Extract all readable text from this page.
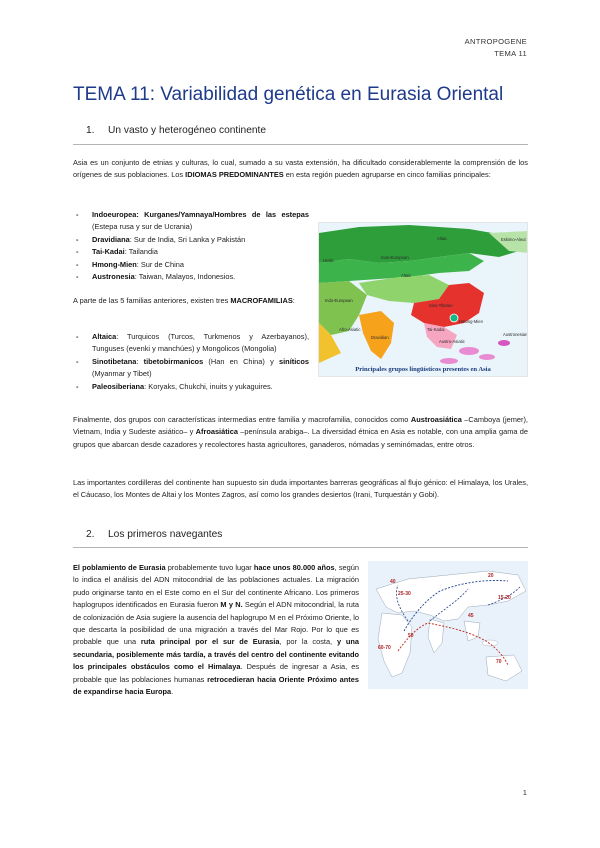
ANTROPOGENE
TEMA 11
TEMA 11: Variabilidad genética en Eurasia Oriental
1. Un vasto y heterogéneo continente

Asia es un conjunto de etnias y culturas, lo cual, sumado a su vasta extensión, ha dificultado considerablemente la comprensión de los orígenes de sus poblaciones. Los IDIOMAS PREDOMINANTES en esta región pueden agruparse en cinco familias principales:

- Indoeuropea: Kurganes/Yamnaya/Hombres de las estepas (Estepa rusa y sur de Ucrania)
- Dravidiana: Sur de India, Sri Lanka y Pakistán
- Tai-Kadai: Tailandia
- Hmong-Mien: Sur de China
- Austronesia: Taiwan, Malayos, Indonesios.

A parte de las 5 familias anteriores, existen tres MACROFAMILIAS:

- Altaica: Turquicos (Turcos, Turkmenos y Azerbayanos), Tunguses (evenki y manchúes) y Mongolicos (Mongolia)
- Sinotibetana: tibetobirmanicos (Han en China) y siníticos (Myanmar y Tibet)
- Paleosiberiana: Koryaks, Chukchi, inuits y yukaguires.
Altaic	Eskimo-Aleut
Uralic
Indo-European
Altaic
Indo-European
Sino-Tibetan
Afro-Asiatic
Dravidian
Hmong-Mien
Tai-Kadai
Austro-Asiatic
Austronesian
Principales grupos lingüísticos presentes en Asia

Finalmente, dos grupos con características intermedias entre familia y macrofamilia, conocidos como Austroasiática –Camboya (jemer), Vietnam, India y Sudeste asiático– y Afroasiática –península arabiga–. La diversidad étnica en Asia es notable, con una amplia gama de grupos que abarcan desde cazadores y recolectores hasta agricultores, ganaderos, nómadas y seminómadas, entre otros.

Las importantes cordilleras del continente han supuesto sin duda importantes barreras geográficas al flujo génico: el Himalaya, los Urales, el Cáucaso, los Montes de Altai y los Montes Zagros, así como los grandes desiertos (Irani, Turquestán y Gobi).

2. Los primeros navegantes

El poblamiento de Eurasia probablemente tuvo lugar hace unos 80.000 años, según lo indica el análisis del ADN mitocondrial de las poblaciones actuales. La migración pudo originarse tanto en el Este como en el Sur del continente Africano. Los primeros haplogrupos identificados en Eurasia fueron M y N. Según el ADN mitocondrial, la ruta de colonización de Asia sugiere la ausencia del haplogrupo M en el Próximo Oriente, lo que descarta la posibilidad de una migración a través del Mar Rojo. Por lo que es probable que una ruta principal por el sur de Eurasia, por la costa, y una secundaria, posiblemente más tardía, a través del centro del continente evitando los principales obstáculos como el Himalaya. Después de ingresar a Asia, es probable que las poblaciones humanas retrocedieran hacia Oriente Próximo antes de expandirse hacia Europa.

40
25-30
20
15-20
45
50
60-70
70
1
